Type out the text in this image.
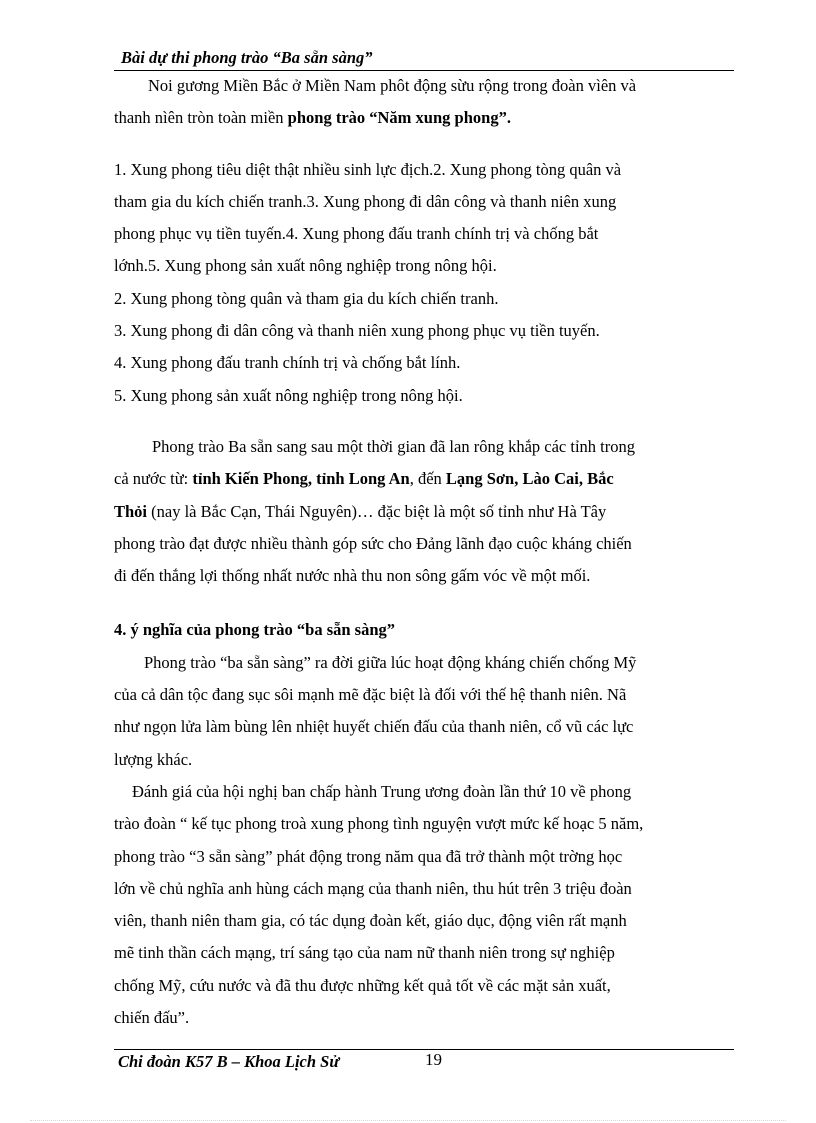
Bài dự thi phong trào “Ba sẵn sàng”

Noi gương Miền Bắc ở Miền Nam phôt động sừu rộng trong đoàn vìên và

thanh nìên tròn toàn miền phong trào “Năm xung phong”.

1. Xung phong tiêu diệt thật nhiều sinh lực địch.2. Xung phong tòng quân và

tham gia du kích chiến tranh.3. Xung phong đi dân công và thanh niên xung

phong phục vụ tiền tuyến.4. Xung phong đấu tranh chính trị và chống bắt

lớnh.5. Xung phong sản xuất nông nghiệp trong nông hội.

2. Xung phong tòng quân và tham gia du kích chiến tranh.

3. Xung phong đi dân công và thanh niên xung phong phục vụ tiền tuyến.

4. Xung phong đấu tranh chính trị và chống bắt lính.

5. Xung phong sản xuất nông nghiệp trong nông hội.

Phong trào Ba sẵn sang sau một thời gian đã lan rông khắp các tỉnh trong

cả nước từ: tỉnh Kiến Phong, tỉnh Long An, đến Lạng Sơn, Lào Cai, Bắc

Thỏi (nay là Bắc Cạn, Thái Nguyên)… đặc biệt là một số tỉnh như Hà Tây

phong trào đạt được nhiều thành góp sức cho Đảng lãnh đạo cuộc kháng chiến

đi đến thắng lợi thống nhất nước nhà thu non sông gấm vóc về một mối.

4. ý nghĩa của phong trào “ba sẵn sàng”

Phong trào “ba sẵn sàng” ra đời giữa lúc hoạt động kháng chiến chống Mỹ

của cả dân tộc đang sục sôi mạnh mẽ đặc biệt là đối với thế hệ thanh niên. Nã

như ngọn lửa làm bùng lên nhiệt huyết chiến đấu của thanh niên, cổ vũ các lực

lượng khác.

Đánh giá của hội nghị ban chấp hành Trung ương đoàn lần thứ 10 về phong

trào đoàn “ kế tục phong troà xung phong tình nguyện vượt mức kế hoạc 5 năm,

phong trào “3 sẵn sàng” phát động trong năm qua đã trở thành một trờng học

lớn về chủ nghĩa anh hùng cách mạng của thanh niên, thu hút trên 3 triệu đoàn

viên, thanh niên tham gia, có tác dụng đoàn kết, giáo dục, động viên rất mạnh

mẽ tinh thần cách mạng, trí sáng tạo của nam nữ thanh niên trong sự nghiệp

chống Mỹ, cứu nước và đã thu được những kết quả tốt về các mặt sản xuất,

chiến đấu”.

Chi đoàn K57 B – Khoa Lịch Sử	19
